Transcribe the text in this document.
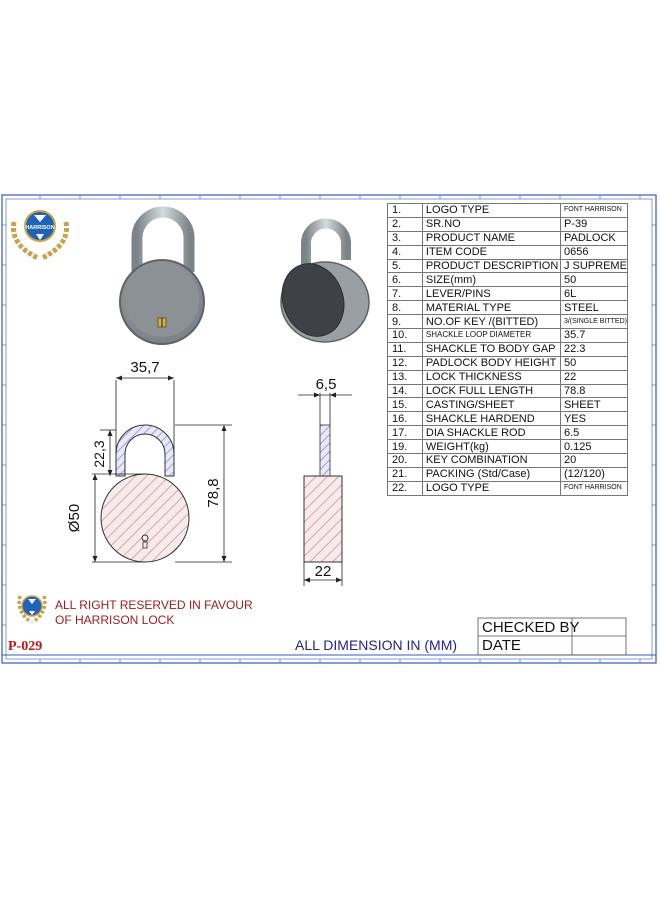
HARRISON
35,7
22,3
Ø50
78,8
6,5
22
1.	LOGO TYPE	FONT HARRISON
2.	SR.NO	P-39
3.	PRODUCT NAME	PADLOCK
4.	ITEM CODE	0656
5.	PRODUCT DESCRIPTION	J SUPREME
6.	SIZE(mm)	50
7.	LEVER/PINS	6L
8.	MATERIAL TYPE	STEEL
9.	NO.OF KEY /(BITTED)	3/(SINGLE BITTED)
10.	SHACKLE LOOP DIAMETER	35.7
11.	SHACKLE TO BODY GAP	22.3
12.	PADLOCK BODY HEIGHT	50
13.	LOCK THICKNESS	22
14.	LOCK FULL LENGTH	78.8
15.	CASTING/SHEET	SHEET
16.	SHACKLE HARDEND	YES
17.	DIA SHACKLE ROD	6.5
19.	WEIGHT(kg)	0.125
20.	KEY COMBINATION	20
21.	PACKING (Std/Case)	(12/120)
22.	LOGO TYPE	FONT HARRISON
ALL RIGHT RESERVED IN FAVOUR
OF HARRISON LOCK
P-029	ALL DIMENSION IN (MM)
CHECKED BY
DATE
